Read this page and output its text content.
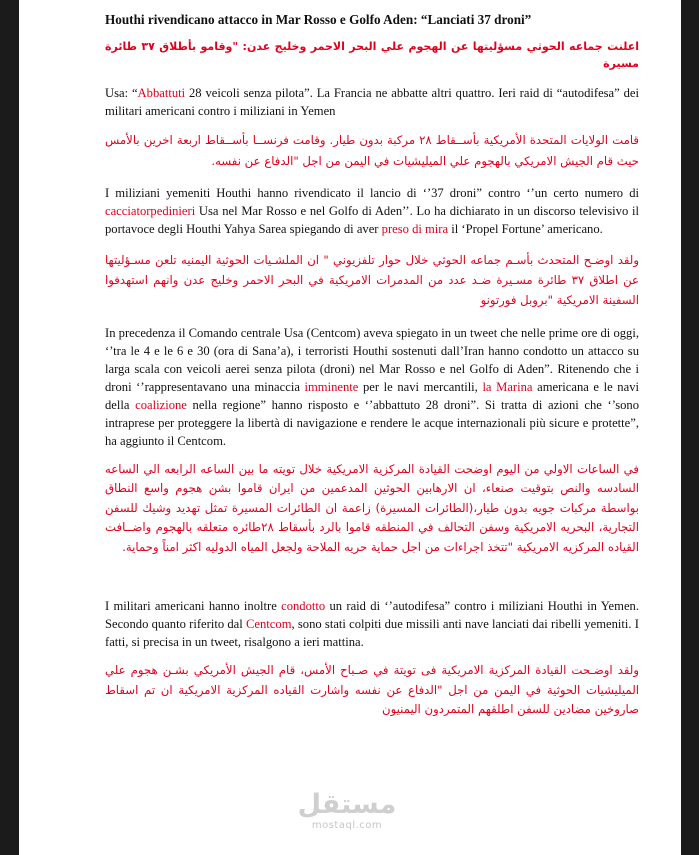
Houthi rivendicano attacco in Mar Rosso e Golfo Aden: “Lanciati 37 droni”

اعلنت جماعه الحوثي مسؤليتها عن الهجوم علي البحر الاحمر وخليج عدن: "وقامو بأطلاق ٣٧ طائرة مسيرة

Usa: “Abbattuti 28 veicoli senza pilota”. La Francia ne abbatte altri quattro. Ieri raid di “autodifesa” dei militari americani contro i miliziani in Yemen

قامت الولايات المتحدة الأمريكية بأســقاط ٢٨ مركبة بدون طيار. وقامت فرنســا بأســقاط اربعة اخرين بالأمس حيث قام الجيش الامريكي بالهجوم علي الميليشيات في اليمن من اجل "الدفاع عن نفسه.

I miliziani yemeniti Houthi hanno rivendicato il lancio di ‘’37 droni” contro ‘’un certo numero di cacciatorpedinieri Usa nel Mar Rosso e nel Golfo di Aden’’. Lo ha dichiarato in un discorso televisivo il portavoce degli Houthi Yahya Sarea spiegando di aver preso di mira il ‘Propel Fortune’ americano.

ولقد اوضـح المتحدث بأسـم جماعه الحوثي خلال حوار تلفزيوني " ان الملشـيات الحوثية اليمنيه تلعن مسـؤليتها عن اطلاق ٣٧ طائرة مسـيرة ضـد عدد من المدمرات الامريكية في البحر الاحمر وخليج عدن وانهم استهدفوا السفينة الامريكية "بروبل فورتونو

In precedenza il Comando centrale Usa (Centcom) aveva spiegato in un tweet che nelle prime ore di oggi, ‘’tra le 4 e le 6 e 30 (ora di Sana’a), i terroristi Houthi sostenuti dall’Iran hanno condotto un attacco su larga scala con veicoli aerei senza pilota (droni) nel Mar Rosso e nel Golfo di Aden”. Ritenendo che i droni ‘’rappresentavano una minaccia imminente per le navi mercantili, la Marina americana e le navi della coalizione nella regione” hanno risposto e ‘’abbattuto 28 droni”. Si tratta di azioni che ‘’sono intraprese per proteggere la libertà di navigazione e rendere le acque internazionali più sicure e protette”, ha aggiunto il Centcom.

في الساعات الاولي من اليوم اوضحت القيادة المركزية الامريكية خلال تويته ما بين الساعه الرابعه الي الساعه السادسه والنص بتوقيت صنعاء، ان الارهابين الحوثين المدعمين من ايران قاموا بشن هجوم واسع النطاق بواسطة مركبات جويه بدون طيار،(الطائرات المسيرة) زاعمة ان الطائرات المسيرة تمثل تهديد وشيك للسفن التجارية، البحريه الامريكية وسفن التحالف في المنطقه قاموا بالرد بأسقاط ٢٨طائره متعلقه بالهجوم واضــافت القياده المركزيه الامريكية "تتخذ اجراءات من اجل حماية حريه الملاحة ولجعل المياه الدوليه اكثر امناً وحماية.

I militari americani hanno inoltre condotto un raid di ‘’autodifesa” contro i miliziani Houthi in Yemen. Secondo quanto riferito dal Centcom, sono stati colpiti due missili anti nave lanciati dai ribelli yemeniti. I fatti, si precisa in un tweet, risalgono a ieri mattina.

ولقد اوضـحت القيادة المركزية الامريكية فى تويتة في صـباح الأمس، قام الجيش الأمريكي بشـن هجوم علي الميليشيات الحوثية في اليمن من اجل "الدفاع عن نفسه واشارت القياده المركزية الامريكية ان تم اسقاط صاروخين مضادين للسفن اطلقهم المتمردون اليمنيون

مستقل
mostaql.com
